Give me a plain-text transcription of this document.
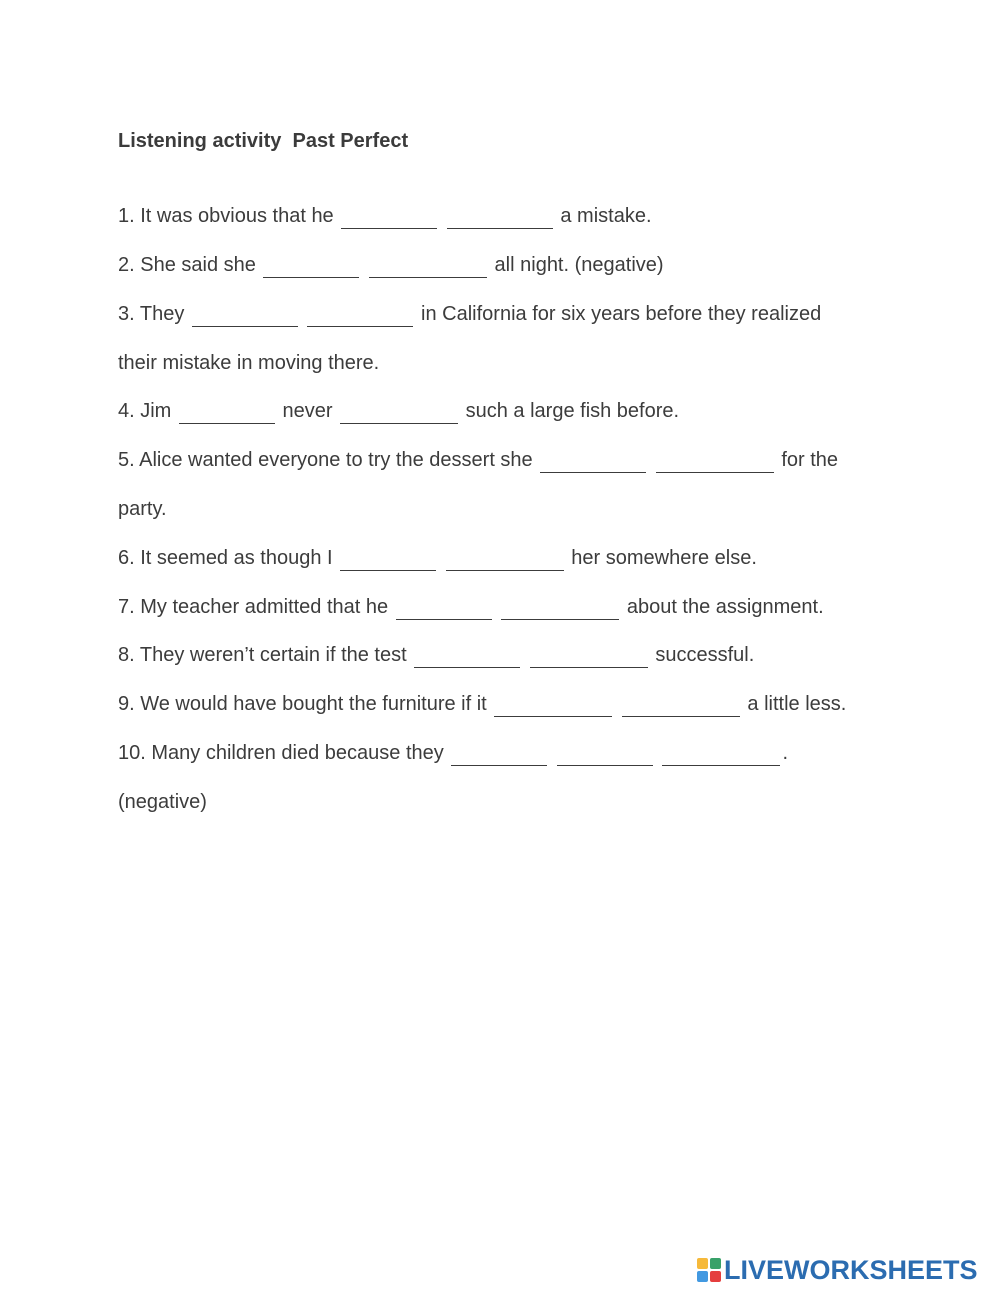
Listening activity  Past Perfect
1. It was obvious that he	a mistake.
2. She said she	all night. (negative)
3. They	in California for six years before they realized
their mistake in moving there.
4. Jim	never	such a large fish before.
5. Alice wanted everyone to try the dessert she	for the
party.
6. It seemed as though I	her somewhere else.
7. My teacher admitted that he	about the assignment.
8. They weren’t certain if the test	successful.
9. We would have bought the furniture if it	a little less.
10. Many children died because they	.
(negative)
LIVEWORKSHEETS
